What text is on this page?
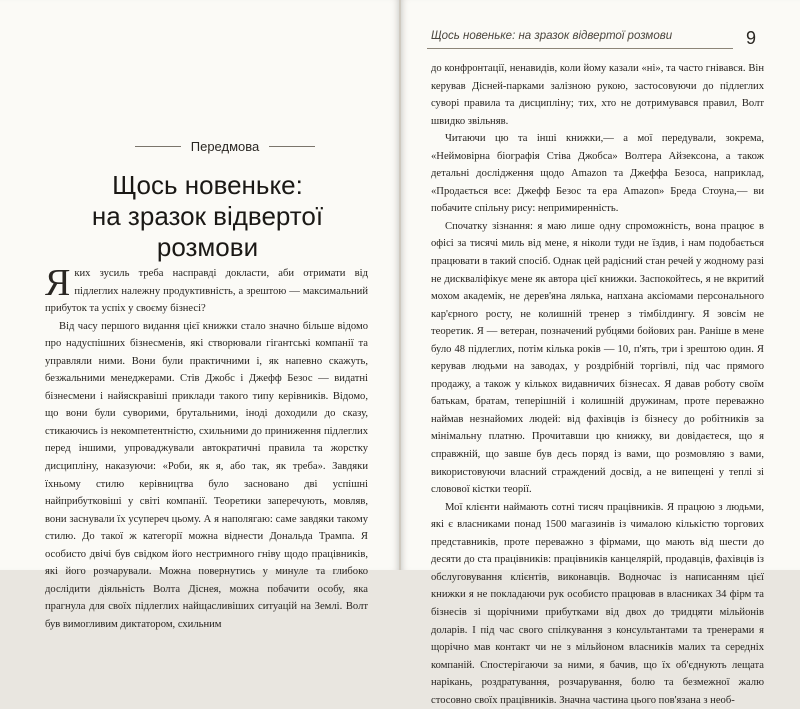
Передмова
Щось новеньке:
на зразок відвертої розмови

Яких зусиль треба насправді докласти, аби отримати від підлеглих належну продуктивність, а зрештою — максимальний прибуток та успіх у своєму бізнесі?

Від часу першого видання цієї книжки стало значно більше відомо про надуспішних бізнесменів, які створювали гігантські компанії та управляли ними. Вони були практичними і, як напевно скажуть, безжальними менеджерами. Стів Джобс і Джефф Безос — видатні бізнесмени і найяскравіші приклади такого типу керівників. Відомо, що вони були суворими, брутальними, іноді доходили до сказу, стикаючись із некомпетентністю, схильними до приниження підлеглих перед іншими, упроваджували автократичні правила та жорстку дисципліну, наказуючи: «Роби, як я, або так, як треба». Завдяки їхньому стилю керівництва було засновано дві успішні найприбутковіші у світі компанії. Теоретики заперечують, мовляв, вони заснували їх усупереч цьому. А я наполягаю: саме завдяки такому стилю. До такої ж категорії можна віднести Дональда Трампа. Я особисто двічі був свідком його нестримного гніву щодо працівників, які його розчарували. Можна повернутись у минуле та глибоко дослідити діяльність Волта Діснея, можна побачити особу, яка прагнула для своїх підлеглих найщасливіших ситуацій на Землі. Волт був вимогливим диктатором, схильним

Щось новеньке: на зразок відвертої розмови	9

до конфронтації, ненавидів, коли йому казали «ні», та часто гнівався. Він керував Дісней-парками залізною рукою, застосовуючи до підлеглих суворі правила та дисципліну; тих, хто не дотримувався правил, Волт швидко звільняв.

Читаючи цю та інші книжки,— а мої передували, зокрема, «Неймовірна біографія Стіва Джобса» Волтера Айзексона, а також детальні дослідження щодо Amazon та Джеффа Безоса, наприклад, «Продається все: Джефф Безос та ера Amazon» Бреда Стоуна,— ви побачите спільну рису: непримиренність.

Спочатку зізнання: я маю лише одну спроможність, вона працює в офісі за тисячі миль від мене, я ніколи туди не їздив, і нам подобається працювати в такий спосіб. Однак цей радісний стан речей у жодному разі не дискваліфікує мене як автора цієї книжки. Заспокойтесь, я не вкритий мохом академік, не дерев'яна лялька, напхана аксіомами персонального кар'єрного росту, не колишній тренер з тімбілдингу. Я зовсім не теоретик. Я — ветеран, позначений рубцями бойових ран. Раніше в мене було 48 підлеглих, потім кілька років — 10, п'ять, три і зрештою один. Я керував людьми на заводах, у роздрібній торгівлі, під час прямого продажу, а також у кількох видавничих бізнесах. Я давав роботу своїм батькам, братам, теперішній і колишній дружинам, проте переважно наймав незнайомих людей: від фахівців із бізнесу до робітників за мінімальну платню. Прочитавши цю книжку, ви довідаєтеся, що я справжній, що завше був десь поряд із вами, що розмовляю з вами, використовуючи власний страждений досвід, а не випещені у теплі зі словової кістки теорії.

Мої клієнти наймають сотні тисяч працівників. Я працюю з людьми, які є власниками понад 1500 магазинів із чималою кількістю торгових представників, проте переважно з фірмами, що мають від шести до десяти до ста працівників: працівників канцелярій, продавців, фахівців із обслуговування клієнтів, виконавців. Водночас із написанням цієї книжки я не покладаючи рук особисто працював в власниках 34 фірм та бізнесів зі щорічними прибутками від двох до тридцяти мільйонів доларів. І під час свого спілкування з консультантами та тренерами я щорічно мав контакт чи не з мільйоном власників малих та середніх компаній. Спостерігаючи за ними, я бачив, що їх об'єднують лещата нарікань, роздратування, розчарування, болю та безмежної жалю стосовно своїх працівників. Значна частина цього пов'язана з необ-
